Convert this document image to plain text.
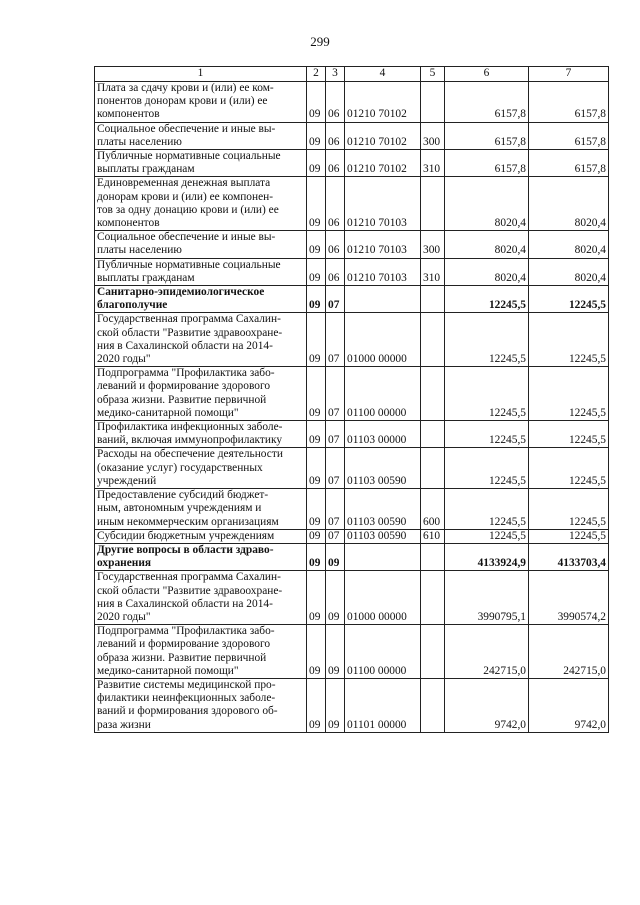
299
1	2	3	4	5	6	7

Плата за сдачу крови и (или) ее ком-
понентов донорам крови и (или) ее
компонентов	09	06	01210 70102		6157,8	6157,8

Социальное обеспечение и иные вы-
платы населению	09	06	01210 70102	300	6157,8	6157,8

Публичные нормативные социальные
выплаты гражданам	09	06	01210 70102	310	6157,8	6157,8

Единовременная денежная выплата
донорам крови и (или) ее компонен-
тов за одну донацию крови и (или) ее
компонентов	09	06	01210 70103		8020,4	8020,4

Социальное обеспечение и иные вы-
платы населению	09	06	01210 70103	300	8020,4	8020,4

Публичные нормативные социальные
выплаты гражданам	09	06	01210 70103	310	8020,4	8020,4

Санитарно-эпидемиологическое
благополучие	09	07			12245,5	12245,5

Государственная программа Сахалин-
ской области "Развитие здравоохране-
ния в Сахалинской области на 2014-
2020 годы"	09	07	01000 00000		12245,5	12245,5

Подпрограмма "Профилактика забо-
леваний и формирование здорового
образа жизни. Развитие первичной
медико-санитарной помощи"	09	07	01100 00000		12245,5	12245,5

Профилактика инфекционных заболе-
ваний, включая иммунопрофилактику	09	07	01103 00000		12245,5	12245,5

Расходы на обеспечение деятельности
(оказание услуг) государственных
учреждений	09	07	01103 00590		12245,5	12245,5

Предоставление субсидий бюджет-
ным, автономным учреждениям и
иным некоммерческим организациям	09	07	01103 00590	600	12245,5	12245,5

Субсидии бюджетным учреждениям	09	07	01103 00590	610	12245,5	12245,5

Другие вопросы в области здраво-
охранения	09	09			4133924,9	4133703,4

Государственная программа Сахалин-
ской области "Развитие здравоохране-
ния в Сахалинской области на 2014-
2020 годы"	09	09	01000 00000		3990795,1	3990574,2

Подпрограмма "Профилактика забо-
леваний и формирование здорового
образа жизни. Развитие первичной
медико-санитарной помощи"	09	09	01100 00000		242715,0	242715,0

Развитие системы медицинской про-
филактики неинфекционных заболе-
ваний и формирования здорового об-
раза жизни	09	09	01101 00000		9742,0	9742,0
